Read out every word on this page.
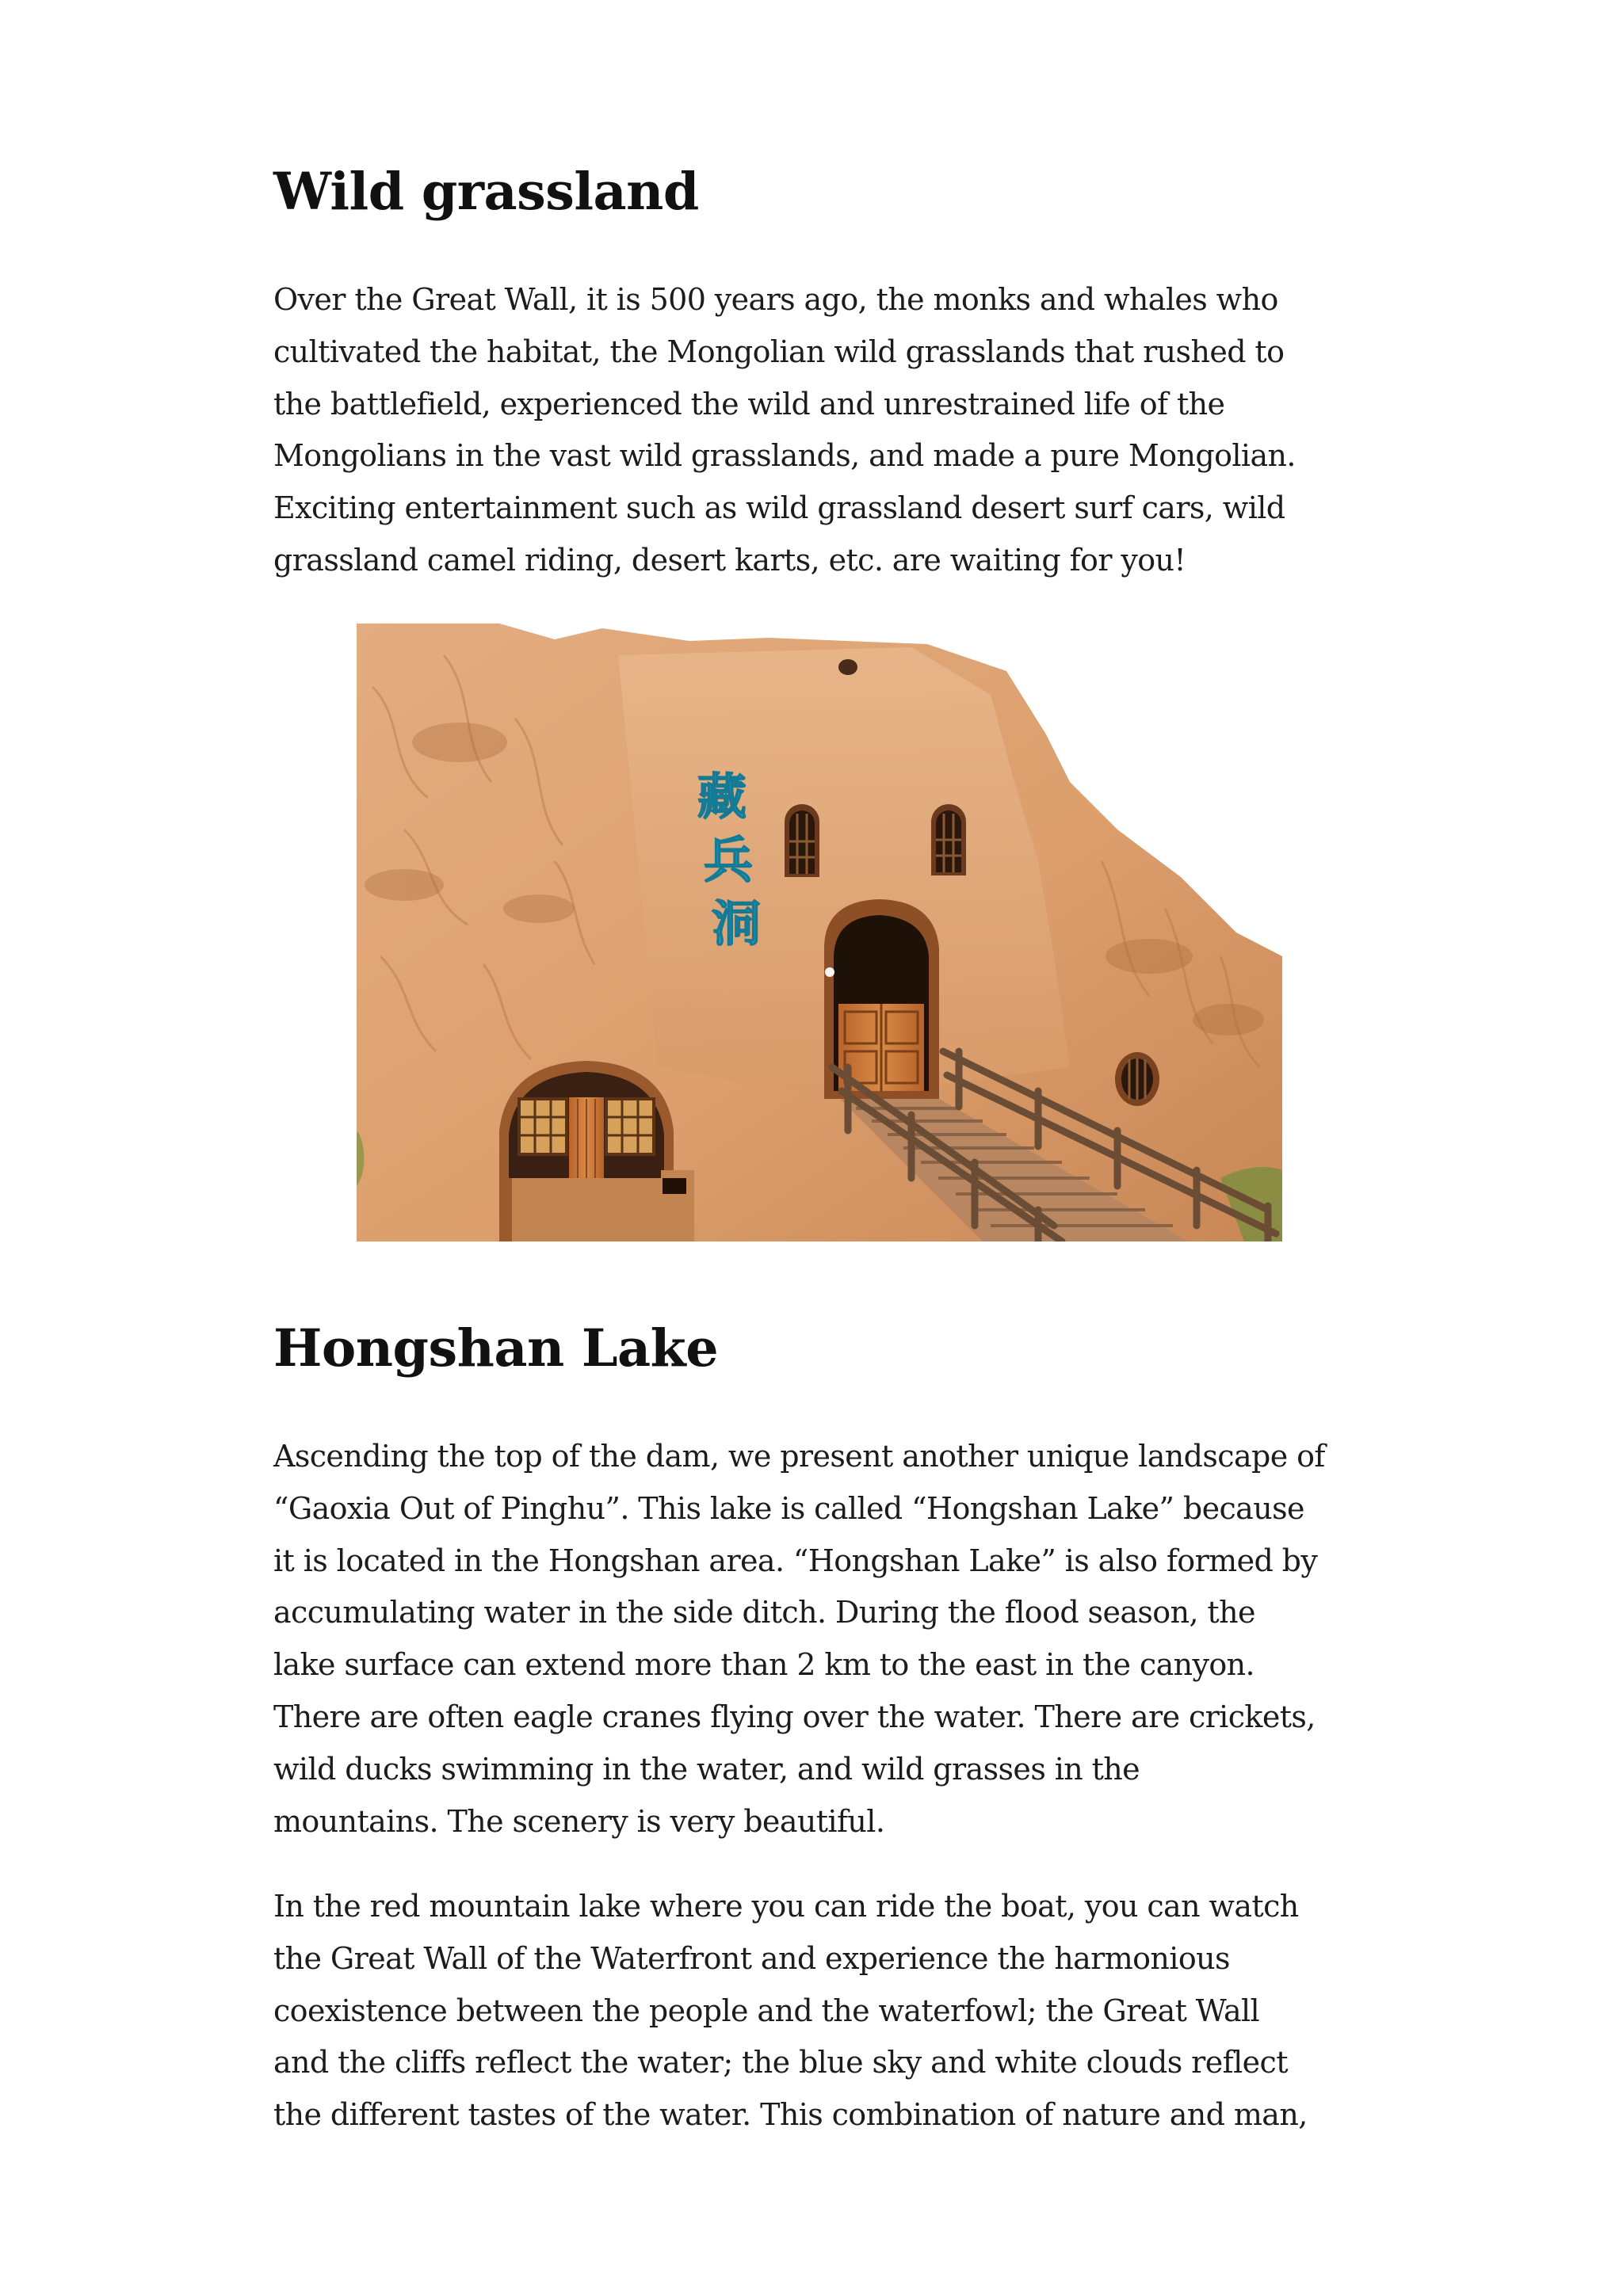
Wild grassland

Over the Great Wall, it is 500 years ago, the monks and whales who
cultivated the habitat, the Mongolian wild grasslands that rushed to
the battlefield, experienced the wild and unrestrained life of the
Mongolians in the vast wild grasslands, and made a pure Mongolian.
Exciting entertainment such as wild grassland desert surf cars, wild
grassland camel riding, desert karts, etc. are waiting for you!

Hongshan Lake

Ascending the top of the dam, we present another unique landscape of
“Gaoxia Out of Pinghu”. This lake is called “Hongshan Lake” because
it is located in the Hongshan area. “Hongshan Lake” is also formed by
accumulating water in the side ditch. During the flood season, the
lake surface can extend more than 2 km to the east in the canyon.
There are often eagle cranes flying over the water. There are crickets,
wild ducks swimming in the water, and wild grasses in the
mountains. The scenery is very beautiful.

In the red mountain lake where you can ride the boat, you can watch
the Great Wall of the Waterfront and experience the harmonious
coexistence between the people and the waterfowl; the Great Wall
and the cliffs reflect the water; the blue sky and white clouds reflect
the different tastes of the water. This combination of nature and man,

藏
兵
洞
